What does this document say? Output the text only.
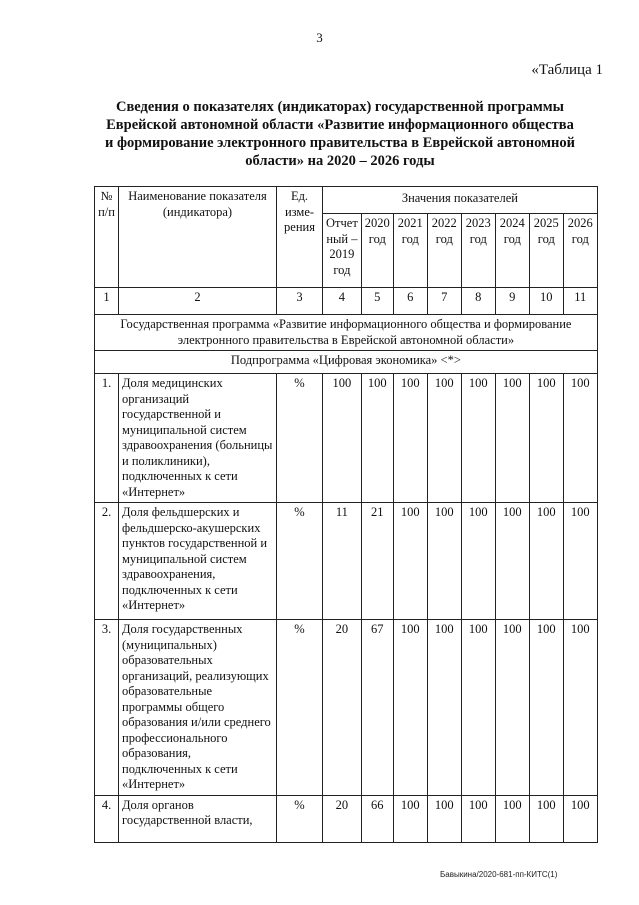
3
«Таблица 1
Сведения о показателях (индикаторах) государственной программы
Еврейской автономной области «Развитие информационного общества
и формирование электронного правительства в Еврейской автономной
области» на 2020 – 2026 годы
№ п/п	Наименование показателя (индикатора)	Ед. изме-рения	Значения показателей							
			Отчет ный – 2019 год	2020 год	2021 год	2022 год	2023 год	2024 год	2025 год	2026 год
1	2	3	4	5	6	7	8	9	10	11
Государственная программа «Развитие информационного общества и формирование электронного правительства в Еврейской автономной области»										
Подпрограмма «Цифровая экономика» <*>										
1.	Доля медицинских организаций государственной и муниципальной систем здравоохранения (больницы и поликлиники), подключенных к сети «Интернет»	%	100	100	100	100	100	100	100	100
2.	Доля фельдшерских и фельдшерско-акушерских пунктов государственной и муниципальной систем здравоохранения, подключенных к сети «Интернет»	%	11	21	100	100	100	100	100	100
3.	Доля государственных (муниципальных) образовательных организаций, реализующих образовательные программы общего образования и/или среднего профессионального образования, подключенных к сети «Интернет»	%	20	67	100	100	100	100	100	100
4.	Доля органов государственной власти,	%	20	66	100	100	100	100	100	100
Бавыкина/2020-681-пп-КИТС(1)
